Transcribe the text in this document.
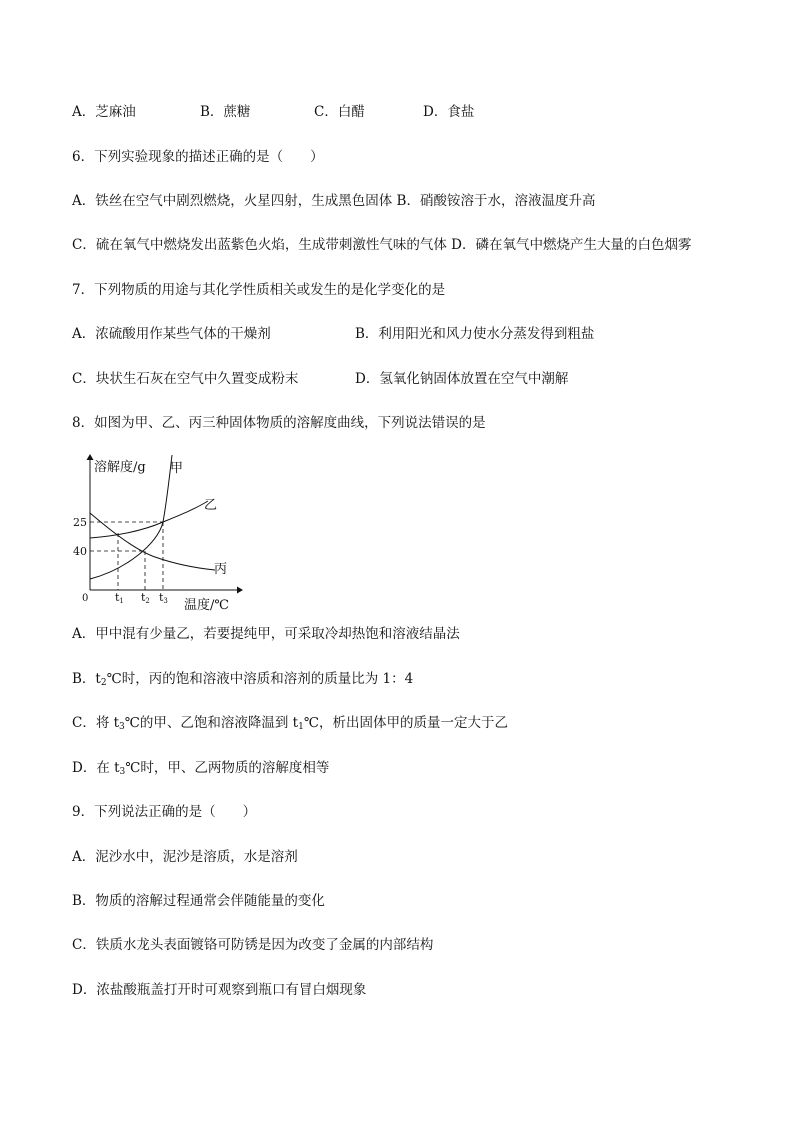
A．芝麻油	B．蔗糖	C．白醋	D．食盐
6．下列实验现象的描述正确的是（　　）
A．铁丝在空气中剧烈燃烧，火星四射，生成黑色固体 B．硝酸铵溶于水，溶液温度升高
C．硫在氧气中燃烧发出蓝紫色火焰，生成带刺激性气味的气体 D．磷在氧气中燃烧产生大量的白色烟雾
7．下列物质的用途与其化学性质相关或发生的是化学变化的是
A．浓硫酸用作某些气体的干燥剂	B．利用阳光和风力使水分蒸发得到粗盐
C．块状生石灰在空气中久置变成粉末	D．氢氧化钠固体放置在空气中潮解
8．如图为甲、乙、丙三种固体物质的溶解度曲线，下列说法错误的是
溶解度/g
温度/℃
0
25
40
t1 t2 t3
甲
乙
丙
A．甲中混有少量乙，若要提纯甲，可采取冷却热饱和溶液结晶法
B．$t_2℃$时，丙的饱和溶液中溶质和溶剂的质量比为 1：4
C．将 $t_3℃$的甲、乙饱和溶液降温到 $t_1℃$，析出固体甲的质量一定大于乙
D．在 $t_3℃$时，甲、乙两物质的溶解度相等
9．下列说法正确的是（　　）
A．泥沙水中，泥沙是溶质，水是溶剂
B．物质的溶解过程通常会伴随能量的变化
C．铁质水龙头表面镀铬可防锈是因为改变了金属的内部结构
D．浓盐酸瓶盖打开时可观察到瓶口有冒白烟现象
